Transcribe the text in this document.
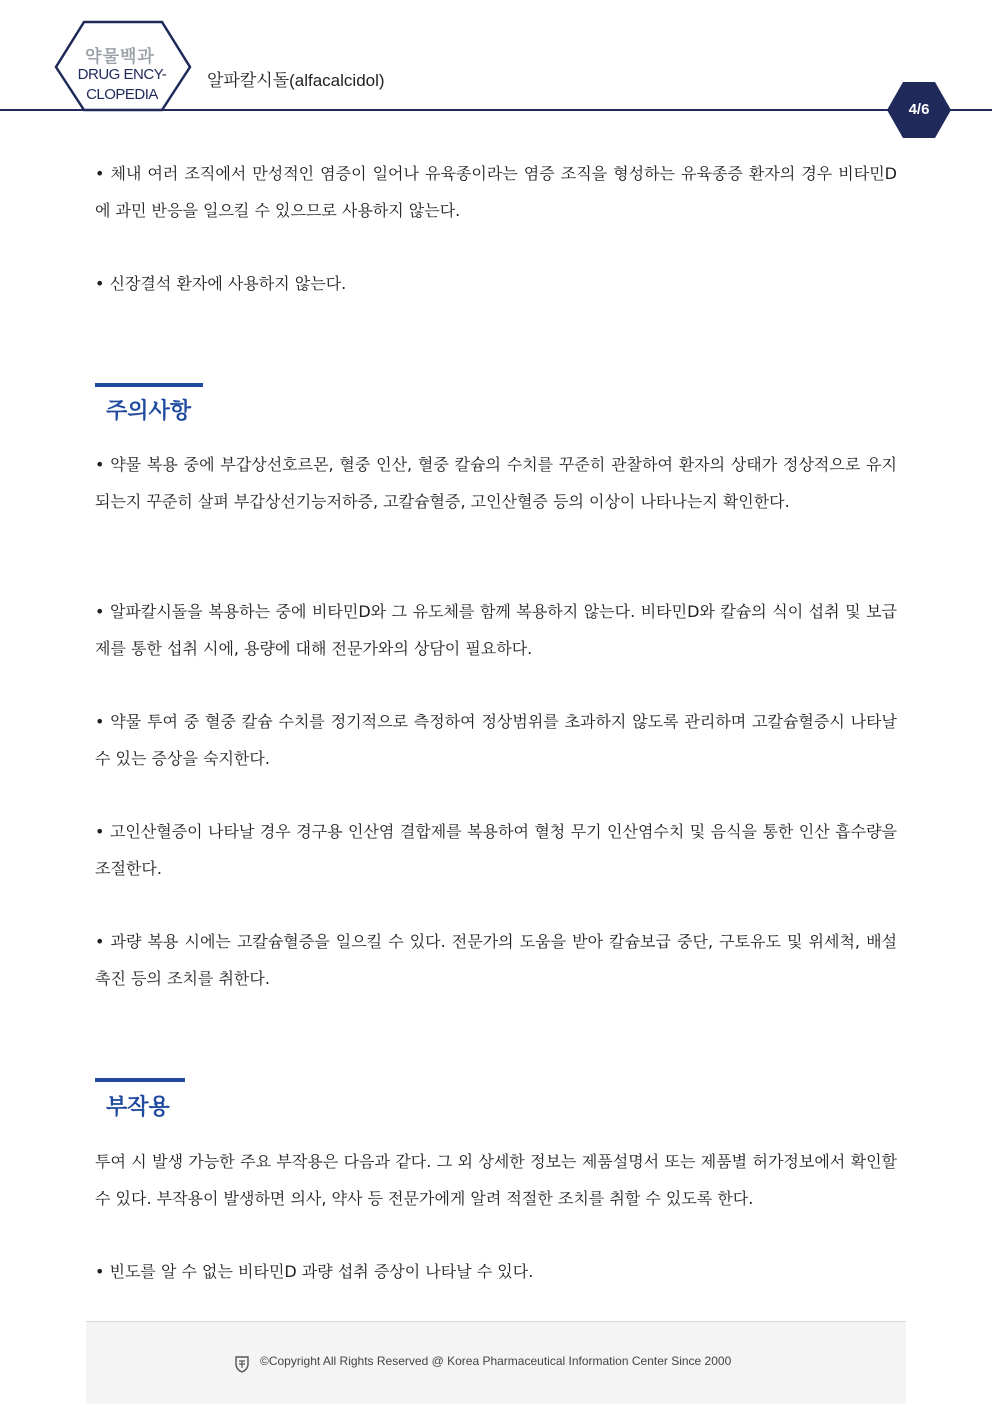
약물백과
DRUG ENCY-
CLOPEDIA
알파칼시돌(alfacalcidol)
4/6

• 체내 여러 조직에서 만성적인 염증이 일어나 유육종이라는 염증 조직을 형성하는 유육종증 환자의 경우 비타민D에 과민 반응을 일으킬 수 있으므로 사용하지 않는다.

• 신장결석 환자에 사용하지 않는다.

주의사항

• 약물 복용 중에 부갑상선호르몬, 혈중 인산, 혈중 칼슘의 수치를 꾸준히 관찰하여 환자의 상태가 정상적으로 유지되는지 꾸준히 살펴 부갑상선기능저하증, 고칼슘혈증, 고인산혈증 등의 이상이 나타나는지 확인한다.

• 알파칼시돌을 복용하는 중에 비타민D와 그 유도체를 함께 복용하지 않는다. 비타민D와 칼슘의 식이 섭취 및 보급제를 통한 섭취 시에, 용량에 대해 전문가와의 상담이 필요하다.

• 약물 투여 중 혈중 칼슘 수치를 정기적으로 측정하여 정상범위를 초과하지 않도록 관리하며 고칼슘혈증시 나타날 수 있는 증상을 숙지한다.

• 고인산혈증이 나타날 경우 경구용 인산염 결합제를 복용하여 혈청 무기 인산염수치 및 음식을 통한 인산 흡수량을 조절한다.

• 과량 복용 시에는 고칼슘혈증을 일으킬 수 있다. 전문가의 도움을 받아 칼슘보급 중단, 구토유도 및 위세척, 배설 촉진 등의 조치를 취한다.

부작용

투여 시 발생 가능한 주요 부작용은 다음과 같다. 그 외 상세한 정보는 제품설명서 또는 제품별 허가정보에서 확인할 수 있다. 부작용이 발생하면 의사, 약사 등 전문가에게 알려 적절한 조치를 취할 수 있도록 한다.

• 빈도를 알 수 없는 비타민D 과량 섭취 증상이 나타날 수 있다.

©Copyright All Rights Reserved @ Korea Pharmaceutical Information Center Since 2000
